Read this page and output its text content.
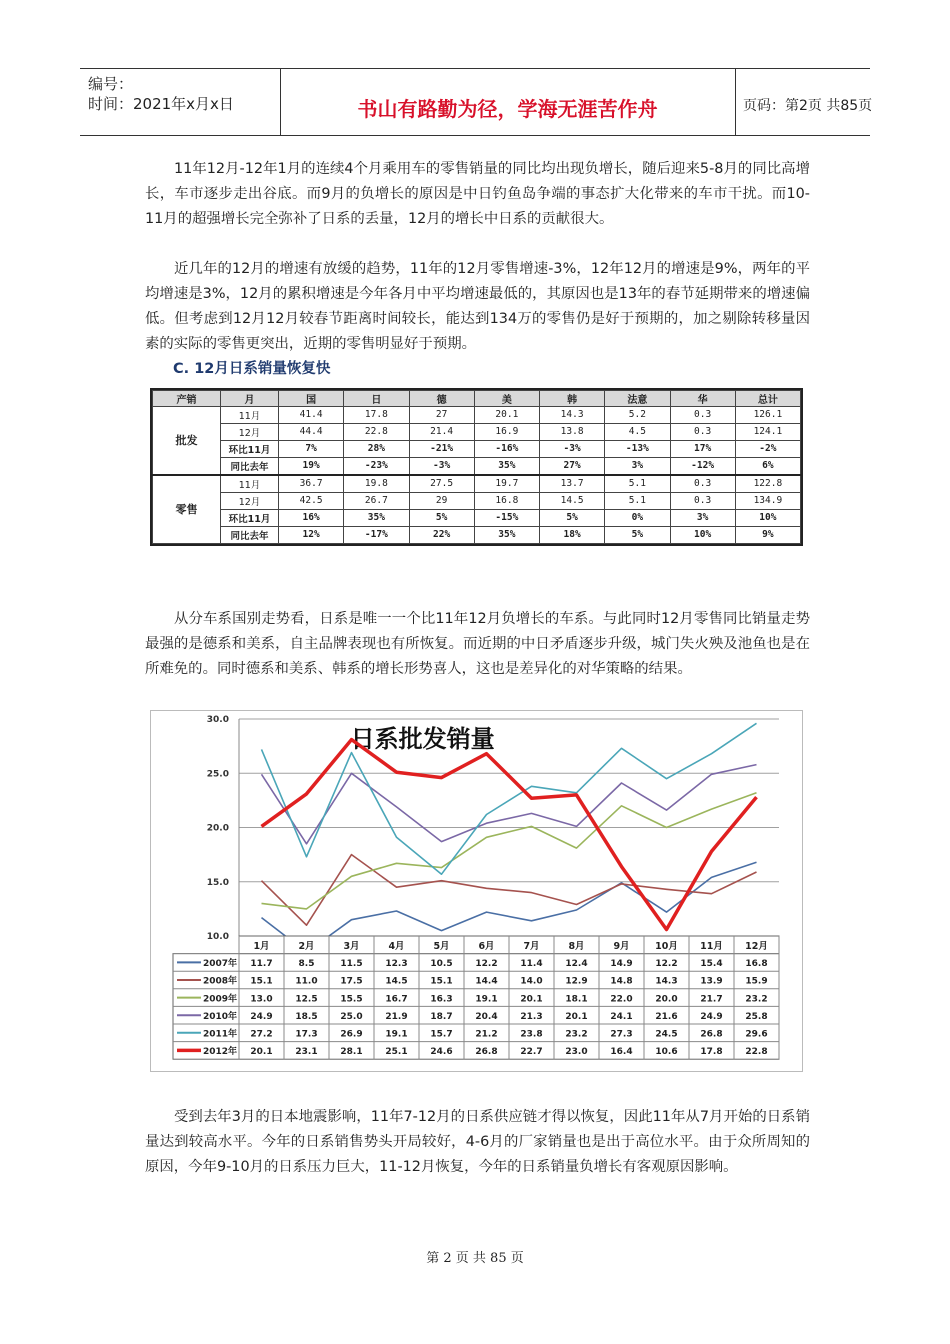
编号：
时间：2021年x月x日	书山有路勤为径，学海无涯苦作舟	页码：第2页 共85页

11年12月-12年1月的连续4个月乘用车的零售销量的同比均出现负增长，随后迎来5-8月的同比高增长，车市逐步走出谷底。而9月的负增长的原因是中日钓鱼岛争端的事态扩大化带来的车市干扰。而10-11月的超强增长完全弥补了日系的丢量，12月的增长中日系的贡献很大。

近几年的12月的增速有放缓的趋势，11年的12月零售增速-3%，12年12月的增速是9%，两年的平均增速是3%，12月的累积增速是今年各月中平均增速最低的，其原因也是13年的春节延期带来的增速偏低。但考虑到12月12月较春节距离时间较长，能达到134万的零售仍是好于预期的，加之剔除转移量因素的实际的零售更突出，近期的零售明显好于预期。

C. 12月日系销量恢复快
产销	月	国	日	德	美	韩	法意	华	总计
批发	11月	41.4	17.8	27	20.1	14.3	5.2	0.3	126.1
	12月	44.4	22.8	21.4	16.9	13.8	4.5	0.3	124.1
	环比11月	7%	28%	-21%	-16%	-3%	-13%	17%	-2%
	同比去年	19%	-23%	-3%	35%	27%	3%	-12%	6%
零售	11月	36.7	19.8	27.5	19.7	13.7	5.1	0.3	122.8
	12月	42.5	26.7	29	16.8	14.5	5.1	0.3	134.9
	环比11月	16%	35%	5%	-15%	5%	0%	3%	10%
	同比去年	12%	-17%	22%	35%	18%	5%	10%	9%

从分车系国别走势看，日系是唯一一个比11年12月负增长的车系。与此同时12月零售同比销量走势最强的是德系和美系，自主品牌表现也有所恢复。而近期的中日矛盾逐步升级，城门失火殃及池鱼也是在所难免的。同时德系和美系、韩系的增长形势喜人，这也是差异化的对华策略的结果。

10.0
15.0
20.0
25.0
30.0
日系批发销量
1月	2月	3月	4月	5月	6月	7月	8月	9月	10月 11月 12月
2007年 11.7	8.5	11.5	12.3	10.5	12.2	11.4	12.4	14.9	12.2	15.4	16.8
2008年 15.1	11.0	17.5	14.5	15.1	14.4	14.0	12.9	14.8	14.3	13.9	15.9
2009年 13.0	12.5	15.5	16.7	16.3	19.1	20.1	18.1	22.0	20.0	21.7	23.2
2010年 24.9	18.5	25.0	21.9	18.7	20.4	21.3	20.1	24.1	21.6	24.9	25.8
2011年 27.2	17.3	26.9	19.1	15.7	21.2	23.8	23.2	27.3	24.5	26.8	29.6
2012年 20.1	23.1	28.1	25.1	24.6	26.8	22.7	23.0	16.4	10.6	17.8	22.8

受到去年3月的日本地震影响，11年7-12月的日系供应链才得以恢复，因此11年从7月开始的日系销量达到较高水平。今年的日系销售势头开局较好，4-6月的厂家销量也是出于高位水平。由于众所周知的原因，今年9-10月的日系压力巨大，11-12月恢复，今年的日系销量负增长有客观原因影响。

第 2 页 共 85 页
